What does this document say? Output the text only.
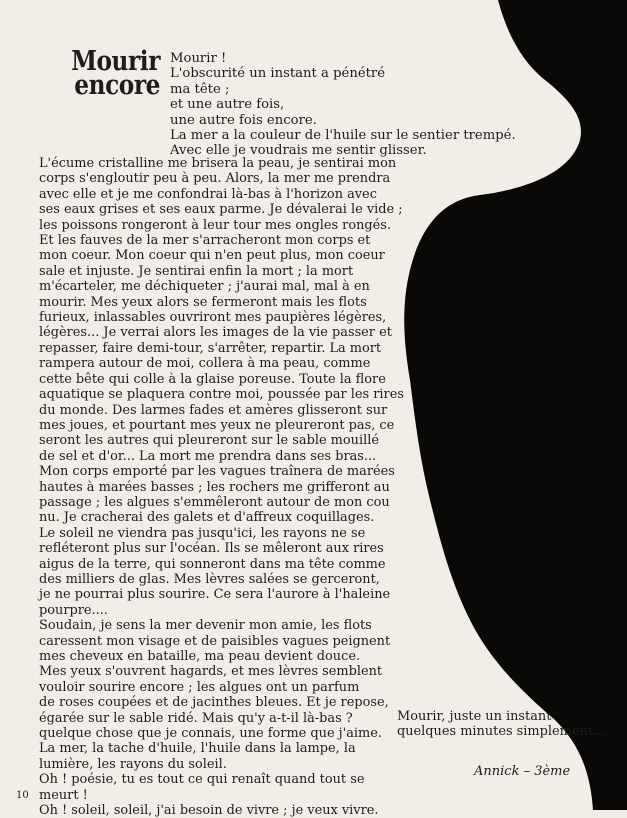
Mourir
encore
Mourir !
L'obscurité un instant a pénétré
ma tête ;
et une autre fois,
une autre fois encore.
La mer a la couleur de l'huile sur le sentier trempé.
Avec elle je voudrais me sentir glisser.
L'écume cristalline me brisera la peau, je sentirai mon
corps s'engloutir peu à peu. Alors, la mer me prendra
avec elle et je me confondrai là-bas à l'horizon avec
ses eaux grises et ses eaux parme. Je dévalerai le vide ;
les poissons rongeront à leur tour mes ongles rongés.
Et les fauves de la mer s'arracheront mon corps et
mon coeur. Mon coeur qui n'en peut plus, mon coeur
sale et injuste. Je sentirai enfin la mort ; la mort
m'écarteler, me déchiqueter ; j'aurai mal, mal à en
mourir. Mes yeux alors se fermeront mais les flots
furieux, inlassables ouvriront mes paupières légères,
légères... Je verrai alors les images de la vie passer et
repasser, faire demi-tour, s'arrêter, repartir. La mort
rampera autour de moi, collera à ma peau, comme
cette bête qui colle à la glaise poreuse. Toute la flore
aquatique se plaquera contre moi, poussée par les rires
du monde. Des larmes fades et amères glisseront sur
mes joues, et pourtant mes yeux ne pleureront pas, ce
seront les autres qui pleureront sur le sable mouillé
de sel et d'or... La mort me prendra dans ses bras...
Mon corps emporté par les vagues traînera de marées
hautes à marées basses ; les rochers me grifferont au
passage ; les algues s'emmêleront autour de mon cou
nu. Je cracherai des galets et d'affreux coquillages.
Le soleil ne viendra pas jusqu'ici, les rayons ne se
refléteront plus sur l'océan. Ils se mêleront aux rires
aigus de la terre, qui sonneront dans ma tête comme
des milliers de glas. Mes lèvres salées se gerceront,
je ne pourrai plus sourire. Ce sera l'aurore à l'haleine
pourpre....
Soudain, je sens la mer devenir mon amie, les flots
caressent mon visage et de paisibles vagues peignent
mes cheveux en bataille, ma peau devient douce.
Mes yeux s'ouvrent hagards, et mes lèvres semblent
vouloir sourire encore ; les algues ont un parfum
de roses coupées et de jacinthes bleues. Et je repose,
égarée sur le sable ridé. Mais qu'y a-t-il là-bas ?
quelque chose que je connais, une forme que j'aime.
La mer, la tache d'huile, l'huile dans la lampe, la
lumière, les rayons du soleil.
Oh ! poésie, tu es tout ce qui renaît quand tout se
meurt !
Oh ! soleil, soleil, j'ai besoin de vivre ; je veux vivre.
Mourir, juste un instant
quelques minutes simplement.....
Annick – 3ème
10
